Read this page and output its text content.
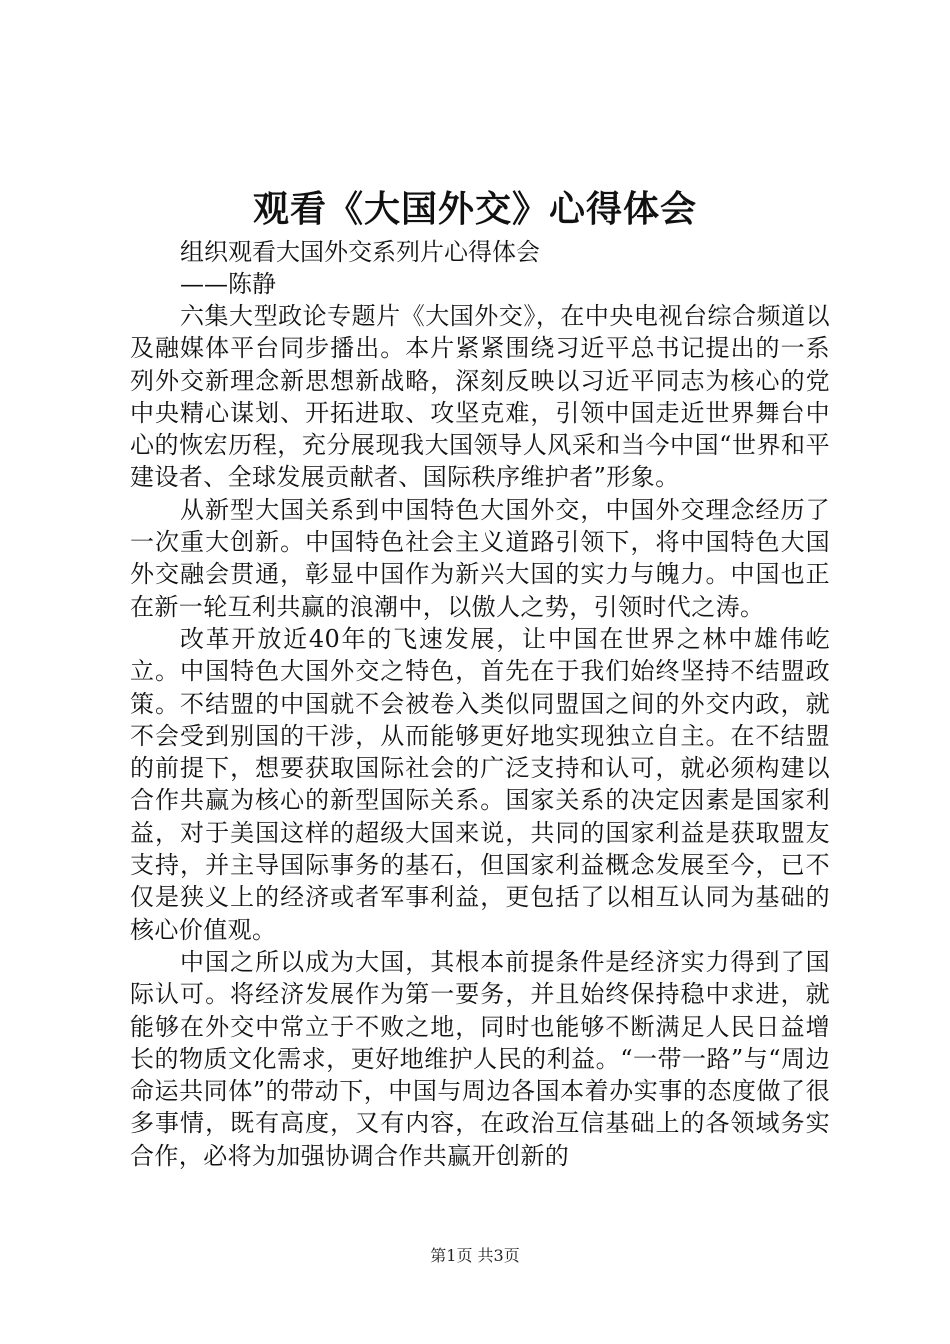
观看《大国外交》心得体会
组织观看大国外交系列片心得体会
——陈静

六集大型政论专题片《大国外交》，在中央电视台综合频道以及融媒体平台同步播出。本片紧紧围绕习近平总书记提出的一系列外交新理念新思想新战略，深刻反映以习近平同志为核心的党中央精心谋划、开拓进取、攻坚克难，引领中国走近世界舞台中心的恢宏历程，充分展现我大国领导人风采和当今中国“世界和平建设者、全球发展贡献者、国际秩序维护者”形象。

从新型大国关系到中国特色大国外交，中国外交理念经历了一次重大创新。中国特色社会主义道路引领下，将中国特色大国外交融会贯通，彰显中国作为新兴大国的实力与魄力。中国也正在新一轮互利共赢的浪潮中，以傲人之势，引领时代之涛。

改革开放近40年的飞速发展，让中国在世界之林中雄伟屹立。中国特色大国外交之特色，首先在于我们始终坚持不结盟政策。不结盟的中国就不会被卷入类似同盟国之间的外交内政，就不会受到别国的干涉，从而能够更好地实现独立自主。在不结盟的前提下，想要获取国际社会的广泛支持和认可，就必须构建以合作共赢为核心的新型国际关系。国家关系的决定因素是国家利益，对于美国这样的超级大国来说，共同的国家利益是获取盟友支持，并主导国际事务的基石，但国家利益概念发展至今，已不仅是狭义上的经济或者军事利益，更包括了以相互认同为基础的核心价值观。

中国之所以成为大国，其根本前提条件是经济实力得到了国际认可。将经济发展作为第一要务，并且始终保持稳中求进，就能够在外交中常立于不败之地，同时也能够不断满足人民日益增长的物质文化需求，更好地维护人民的利益。“一带一路”与“周边命运共同体”的带动下，中国与周边各国本着办实事的态度做了很多事情，既有高度，又有内容，在政治互信基础上的各领域务实合作，必将为加强协调合作共赢开创新的

第1页 共3页
